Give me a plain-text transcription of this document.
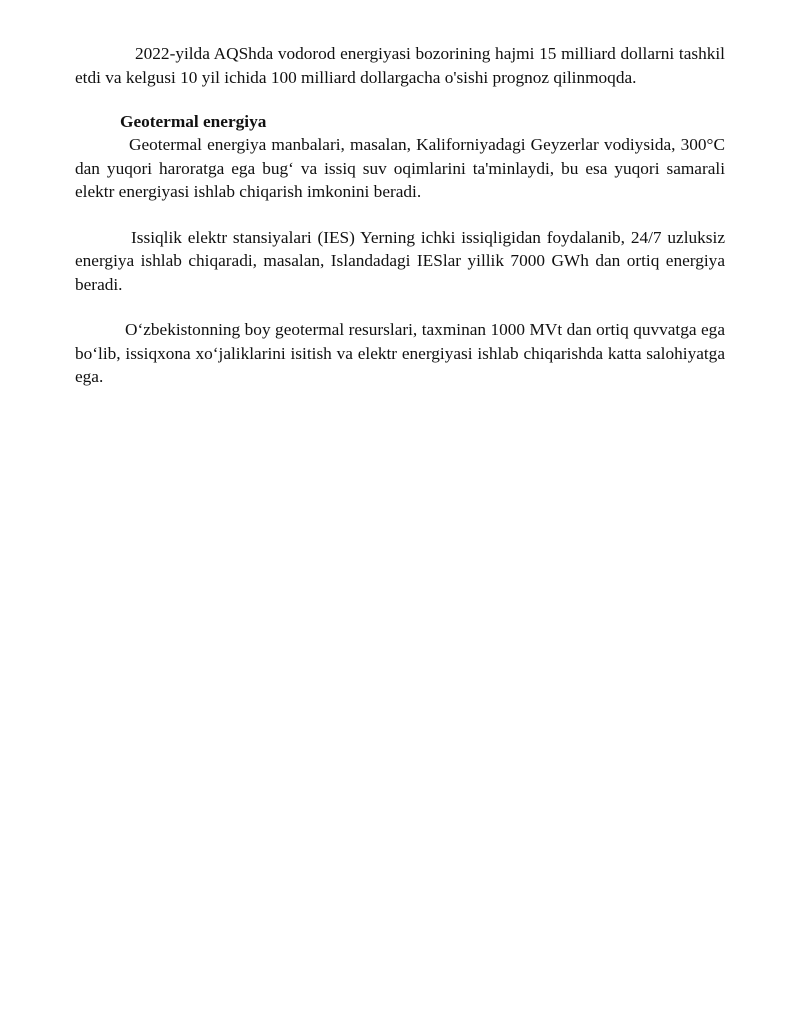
2022-yilda AQShda vodorod energiyasi bozorining hajmi 15 milliard dollarni tashkil etdi va kelgusi 10 yil ichida 100 milliard dollargacha o'sishi prognoz qilinmoqda.

Geotermal energiya

Geotermal energiya manbalari, masalan, Kaliforniyadagi Geyzerlar vodiysida, 300°C dan yuqori haroratga ega bug‘ va issiq suv oqimlarini ta'minlaydi, bu esa yuqori samarali elektr energiyasi ishlab chiqarish imkonini beradi.

Issiqlik elektr stansiyalari (IES) Yerning ichki issiqligidan foydalanib, 24/7 uzluksiz energiya ishlab chiqaradi, masalan, Islandadagi IESlar yillik 7000 GWh dan ortiq energiya beradi.

O‘zbekistonning boy geotermal resurslari, taxminan 1000 MVt dan ortiq quvvatga ega bo‘lib, issiqxona xo‘jaliklarini isitish va elektr energiyasi ishlab chiqarishda katta salohiyatga ega.
